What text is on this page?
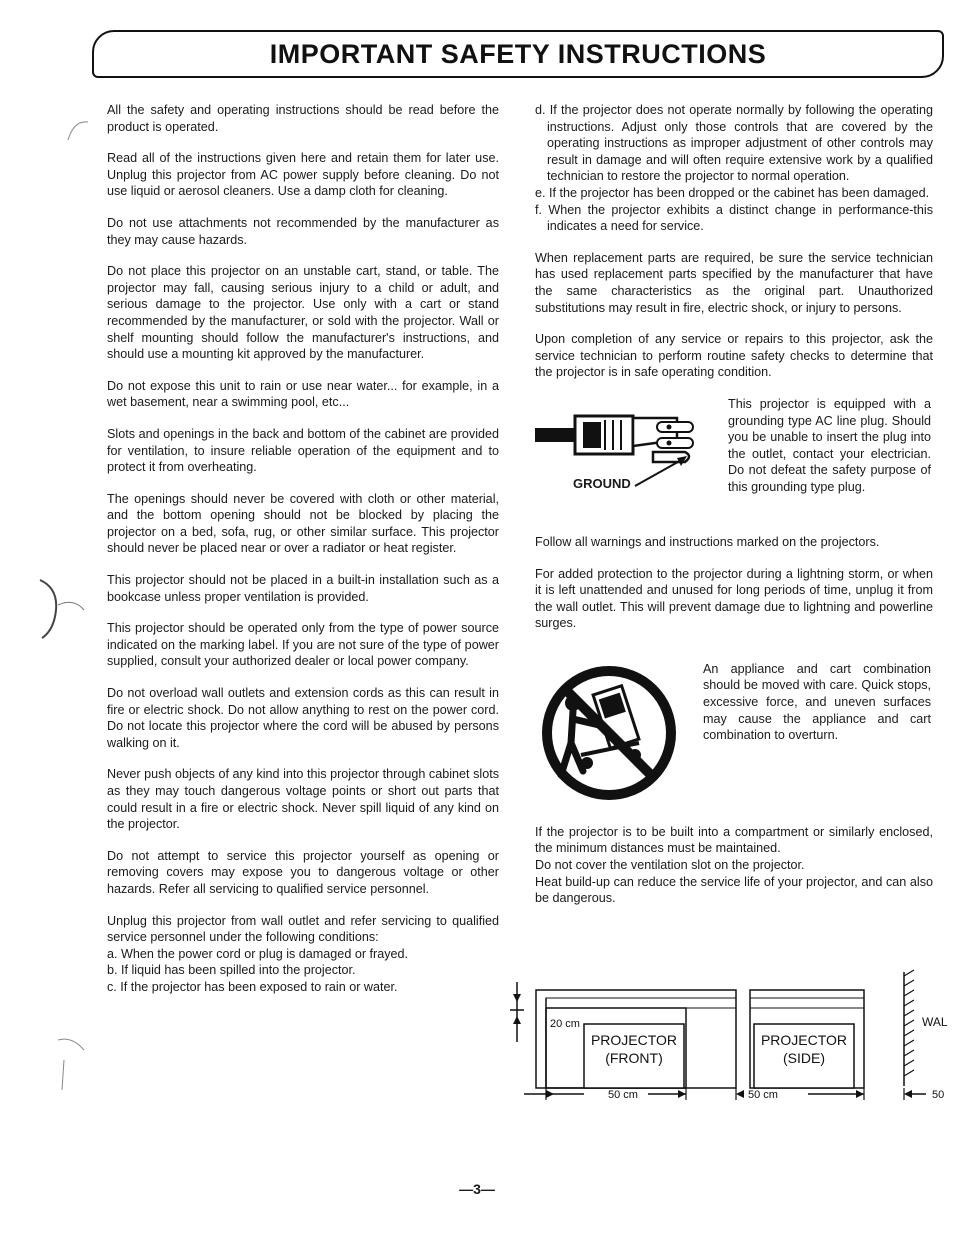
IMPORTANT SAFETY INSTRUCTIONS

All the safety and operating instructions should be read before the product is operated.

Read all of the instructions given here and retain them for later use. Unplug this projector from AC power supply before cleaning. Do not use liquid or aerosol cleaners. Use a damp cloth for cleaning.

Do not use attachments not recommended by the manufacturer as they may cause hazards.

Do not place this projector on an unstable cart, stand, or table. The projector may fall, causing serious injury to a child or adult, and serious damage to the projector. Use only with a cart or stand recommended by the manufacturer, or sold with the projector. Wall or shelf mounting should follow the manufacturer's instructions, and should use a mounting kit approved by the manufacturer.

Do not expose this unit to rain or use near water... for example, in a wet basement, near a swimming pool, etc...

Slots and openings in the back and bottom of the cabinet are provided for ventilation, to insure reliable operation of the equipment and to protect it from overheating.

The openings should never be covered with cloth or other material, and the bottom opening should not be blocked by placing the projector on a bed, sofa, rug, or other similar surface. This projector should never be placed near or over a radiator or heat register.

This projector should not be placed in a built-in installation such as a bookcase unless proper ventilation is provided.

This projector should be operated only from the type of power source indicated on the marking label. If you are not sure of the type of power supplied, consult your authorized dealer or local power company.

Do not overload wall outlets and extension cords as this can result in fire or electric shock. Do not allow anything to rest on the power cord. Do not locate this projector where the cord will be abused by persons walking on it.

Never push objects of any kind into this projector through cabinet slots as they may touch dangerous voltage points or short out parts that could result in a fire or electric shock. Never spill liquid of any kind on the projector.

Do not attempt to service this projector yourself as opening or removing covers may expose you to dangerous voltage or other hazards. Refer all servicing to qualified service personnel.

Unplug this projector from wall outlet and refer servicing to qualified service personnel under the following conditions:

a. When the power cord or plug is damaged or frayed.
b. If liquid has been spilled into the projector.
c. If the projector has been exposed to rain or water.
d. If the projector does not operate normally by following the operating instructions. Adjust only those controls that are covered by the operating instructions as improper adjustment of other controls may result in damage and will often require extensive work by a qualified technician to restore the projector to normal operation.
e. If the projector has been dropped or the cabinet has been damaged.
f. When the projector exhibits a distinct change in performance-this indicates a need for service.

When replacement parts are required, be sure the service technician has used replacement parts specified by the manufacturer that have the same characteristics as the original part. Unauthorized substitutions may result in fire, electric shock, or injury to persons.

Upon completion of any service or repairs to this projector, ask the service technician to perform routine safety checks to determine that the projector is in safe operating condition.

GROUND
This projector is equipped with a grounding type AC line plug. Should you be unable to insert the plug into the outlet, contact your electrician. Do not defeat the safety purpose of this grounding type plug.

Follow all warnings and instructions marked on the projectors.

For added protection to the projector during a lightning storm, or when it is left unattended and unused for long periods of time, unplug it from the wall outlet. This will prevent damage due to lightning and powerline surges.

An appliance and cart combination should be moved with care. Quick stops, excessive force, and uneven surfaces may cause the appliance and cart combination to overturn.
If the projector is to be built into a compartment or similarly enclosed, the minimum distances must be maintained.
Do not cover the ventilation slot on the projector.
Heat build-up can reduce the service life of your projector, and can also be dangerous.
20 cm
PROJECTOR
(FRONT)
PROJECTOR
(SIDE)
WAL
50 cm	50 cm	50
—3—
